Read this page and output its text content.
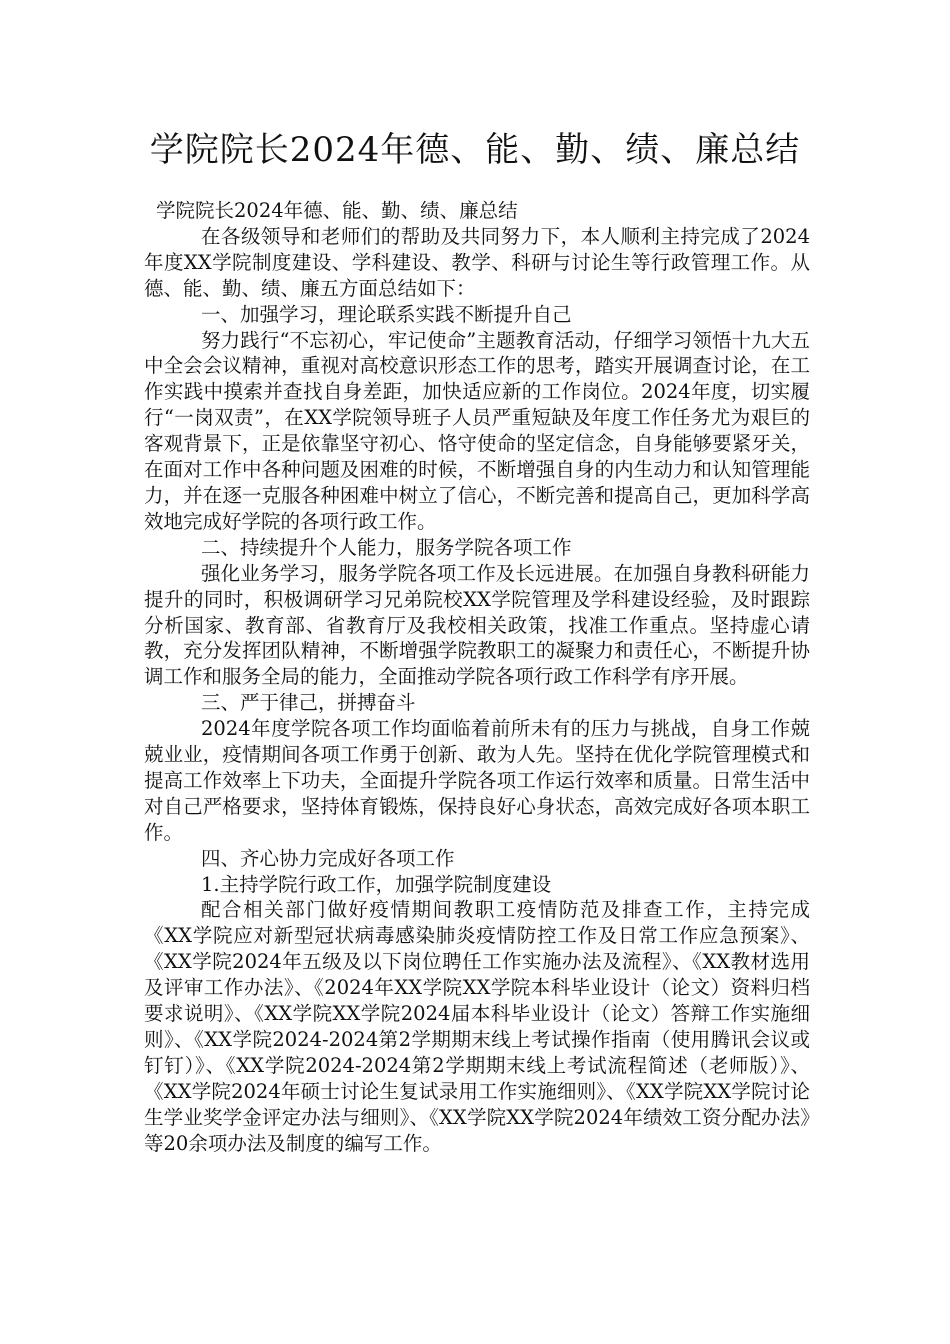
学院院长2024年德、能、勤、绩、廉总结

学院院长2024年德、能、勤、绩、廉总结

在各级领导和老师们的帮助及共同努力下，本人顺利主持完成了2024年度XX学院制度建设、学科建设、教学、科研与讨论生等行政管理工作。从德、能、勤、绩、廉五方面总结如下：

一、加强学习，理论联系实践不断提升自己

努力践行“不忘初心，牢记使命”主题教育活动，仔细学习领悟十九大五中全会会议精神，重视对高校意识形态工作的思考，踏实开展调查讨论，在工作实践中摸索并查找自身差距，加快适应新的工作岗位。2024年度，切实履行“一岗双责”，在XX学院领导班子人员严重短缺及年度工作任务尤为艰巨的客观背景下，正是依靠坚守初心、恪守使命的坚定信念，自身能够要紧牙关，在面对工作中各种问题及困难的时候，不断增强自身的内生动力和认知管理能力，并在逐一克服各种困难中树立了信心，不断完善和提高自己，更加科学高效地完成好学院的各项行政工作。

二、持续提升个人能力，服务学院各项工作

强化业务学习，服务学院各项工作及长远进展。在加强自身教科研能力提升的同时，积极调研学习兄弟院校XX学院管理及学科建设经验，及时跟踪分析国家、教育部、省教育厅及我校相关政策，找准工作重点。坚持虚心请教，充分发挥团队精神，不断增强学院教职工的凝聚力和责任心，不断提升协调工作和服务全局的能力，全面推动学院各项行政工作科学有序开展。

三、严于律己，拼搏奋斗

2024年度学院各项工作均面临着前所未有的压力与挑战，自身工作兢兢业业，疫情期间各项工作勇于创新、敢为人先。坚持在优化学院管理模式和提高工作效率上下功夫，全面提升学院各项工作运行效率和质量。日常生活中对自己严格要求，坚持体育锻炼，保持良好心身状态，高效完成好各项本职工作。

四、齐心协力完成好各项工作

1.主持学院行政工作，加强学院制度建设

配合相关部门做好疫情期间教职工疫情防范及排查工作，主持完成《XX学院应对新型冠状病毒感染肺炎疫情防控工作及日常工作应急预案》、《XX学院2024年五级及以下岗位聘任工作实施办法及流程》、《XX教材选用及评审工作办法》、《2024年XX学院XX学院本科毕业设计（论文）资料归档要求说明》、《XX学院XX学院2024届本科毕业设计（论文）答辩工作实施细则》、《XX学院2024-2024第2学期期末线上考试操作指南（使用腾讯会议或钉钉）》、《XX学院2024-2024第2学期期末线上考试流程简述（老师版）》、《XX学院2024年硕士讨论生复试录用工作实施细则》、《XX学院XX学院讨论生学业奖学金评定办法与细则》、《XX学院XX学院2024年绩效工资分配办法》等20余项办法及制度的编写工作。
